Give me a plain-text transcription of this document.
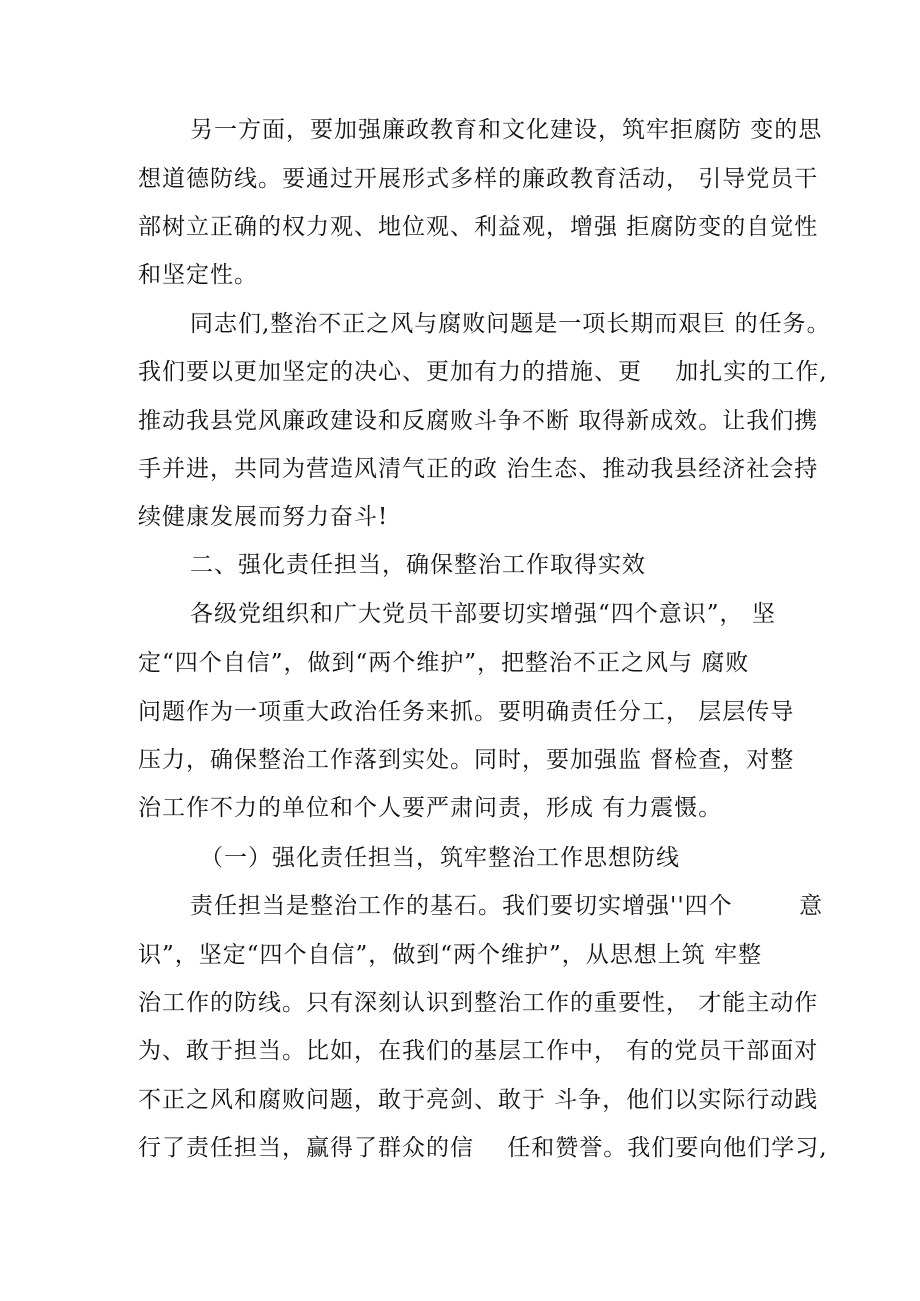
另一方面，要加强廉政教育和文化建设，筑牢拒腐防 变的思
想道德防线。要通过开展形式多样的廉政教育活动， 引导党员干
部树立正确的权力观、地位观、利益观，增强 拒腐防变的自觉性
和坚定性。
同志们,整治不正之风与腐败问题是一项长期而艰巨 的任务。
我们要以更加坚定的决心、更加有力的措施、更    加扎实的工作,
推动我县党风廉政建设和反腐败斗争不断 取得新成效。让我们携
手并进，共同为营造风清气正的政 治生态、推动我县经济社会持
续健康发展而努力奋斗!
二、强化责任担当，确保整治工作取得实效
各级党组织和广大党员干部要切实增强“四个意识”， 坚
定“四个自信”，做到“两个维护”，把整治不正之风与 腐败
问题作为一项重大政治任务来抓。要明确责任分工， 层层传导
压力，确保整治工作落到实处。同时，要加强监 督检查，对整
治工作不力的单位和个人要严肃问责，形成 有力震慑。
（一）强化责任担当，筑牢整治工作思想防线
责任担当是整治工作的基石。我们要切实增强''四个        意
识”，坚定“四个自信”，做到“两个维护”，从思想上筑 牢整
治工作的防线。只有深刻认识到整治工作的重要性， 才能主动作
为、敢于担当。比如，在我们的基层工作中， 有的党员干部面对
不正之风和腐败问题，敢于亮剑、敢于 斗争，他们以实际行动践
行了责任担当，赢得了群众的信    任和赞誉。我们要向他们学习,
